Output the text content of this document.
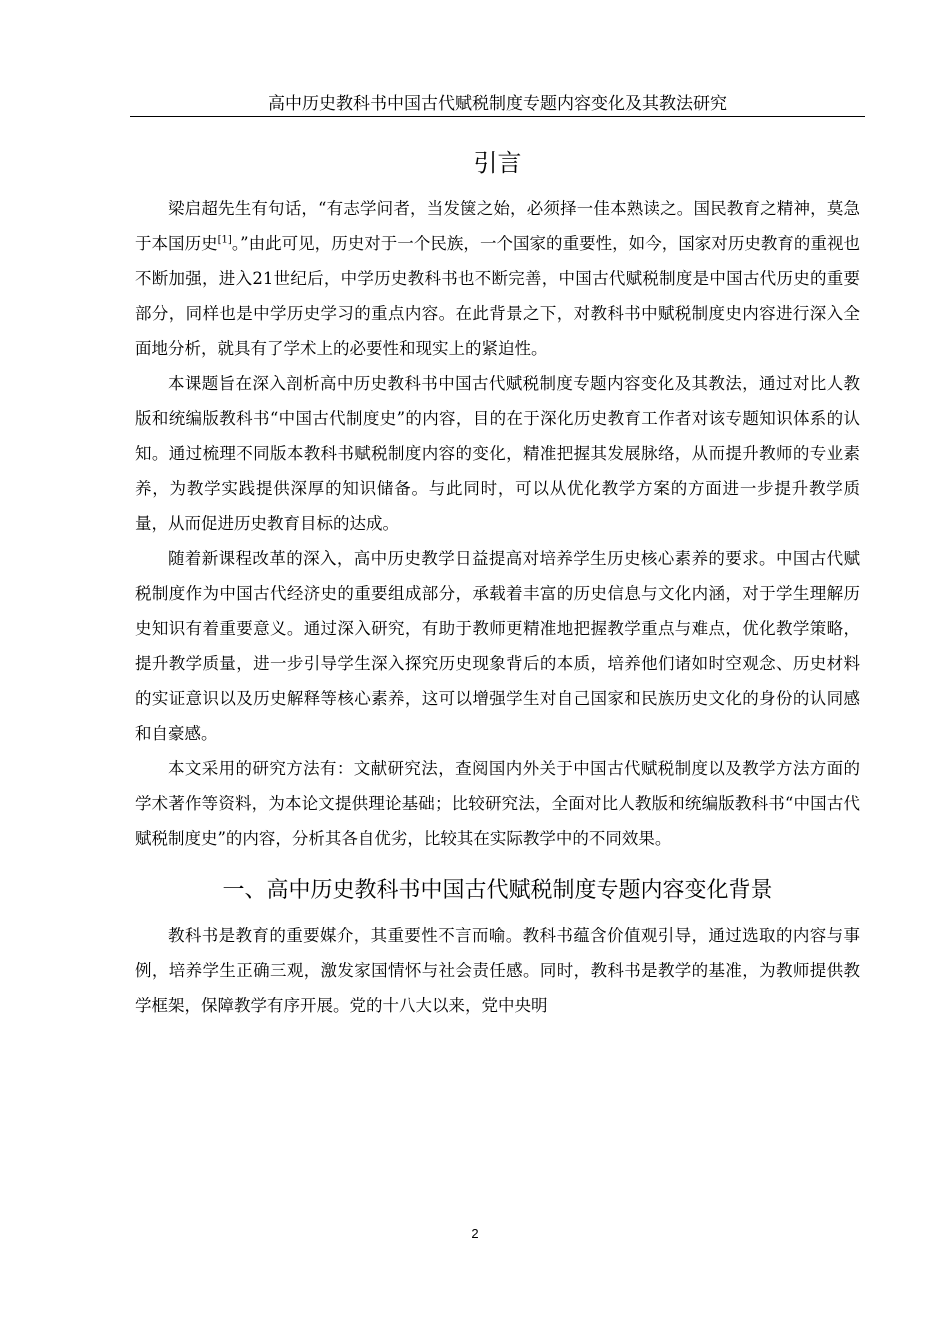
高中历史教科书中国古代赋税制度专题内容变化及其教法研究
引言

梁启超先生有句话，“有志学问者，当发箧之始，必须择一佳本熟读之。国民教育之精神，莫急于本国历史[1]。”由此可见，历史对于一个民族，一个国家的重要性，如今，国家对历史教育的重视也不断加强，进入21世纪后，中学历史教科书也不断完善，中国古代赋税制度是中国古代历史的重要部分，同样也是中学历史学习的重点内容。在此背景之下，对教科书中赋税制度史内容进行深入全面地分析，就具有了学术上的必要性和现实上的紧迫性。

本课题旨在深入剖析高中历史教科书中国古代赋税制度专题内容变化及其教法，通过对比人教版和统编版教科书“中国古代制度史”的内容，目的在于深化历史教育工作者对该专题知识体系的认知。通过梳理不同版本教科书赋税制度内容的变化，精准把握其发展脉络，从而提升教师的专业素养，为教学实践提供深厚的知识储备。与此同时，可以从优化教学方案的方面进一步提升教学质量，从而促进历史教育目标的达成。

随着新课程改革的深入，高中历史教学日益提高对培养学生历史核心素养的要求。中国古代赋税制度作为中国古代经济史的重要组成部分，承载着丰富的历史信息与文化内涵，对于学生理解历史知识有着重要意义。通过深入研究，有助于教师更精准地把握教学重点与难点，优化教学策略，提升教学质量，进一步引导学生深入探究历史现象背后的本质，培养他们诸如时空观念、历史材料的实证意识以及历史解释等核心素养，这可以增强学生对自己国家和民族历史文化的身份的认同感和自豪感。

本文采用的研究方法有：文献研究法，查阅国内外关于中国古代赋税制度以及教学方法方面的学术著作等资料，为本论文提供理论基础；比较研究法，全面对比人教版和统编版教科书“中国古代赋税制度史”的内容，分析其各自优劣，比较其在实际教学中的不同效果。

一、高中历史教科书中国古代赋税制度专题内容变化背景

教科书是教育的重要媒介，其重要性不言而喻。教科书蕴含价值观引导，通过选取的内容与事例，培养学生正确三观，激发家国情怀与社会责任感。同时，教科书是教学的基准，为教师提供教学框架，保障教学有序开展。党的十八大以来，党中央明

2
